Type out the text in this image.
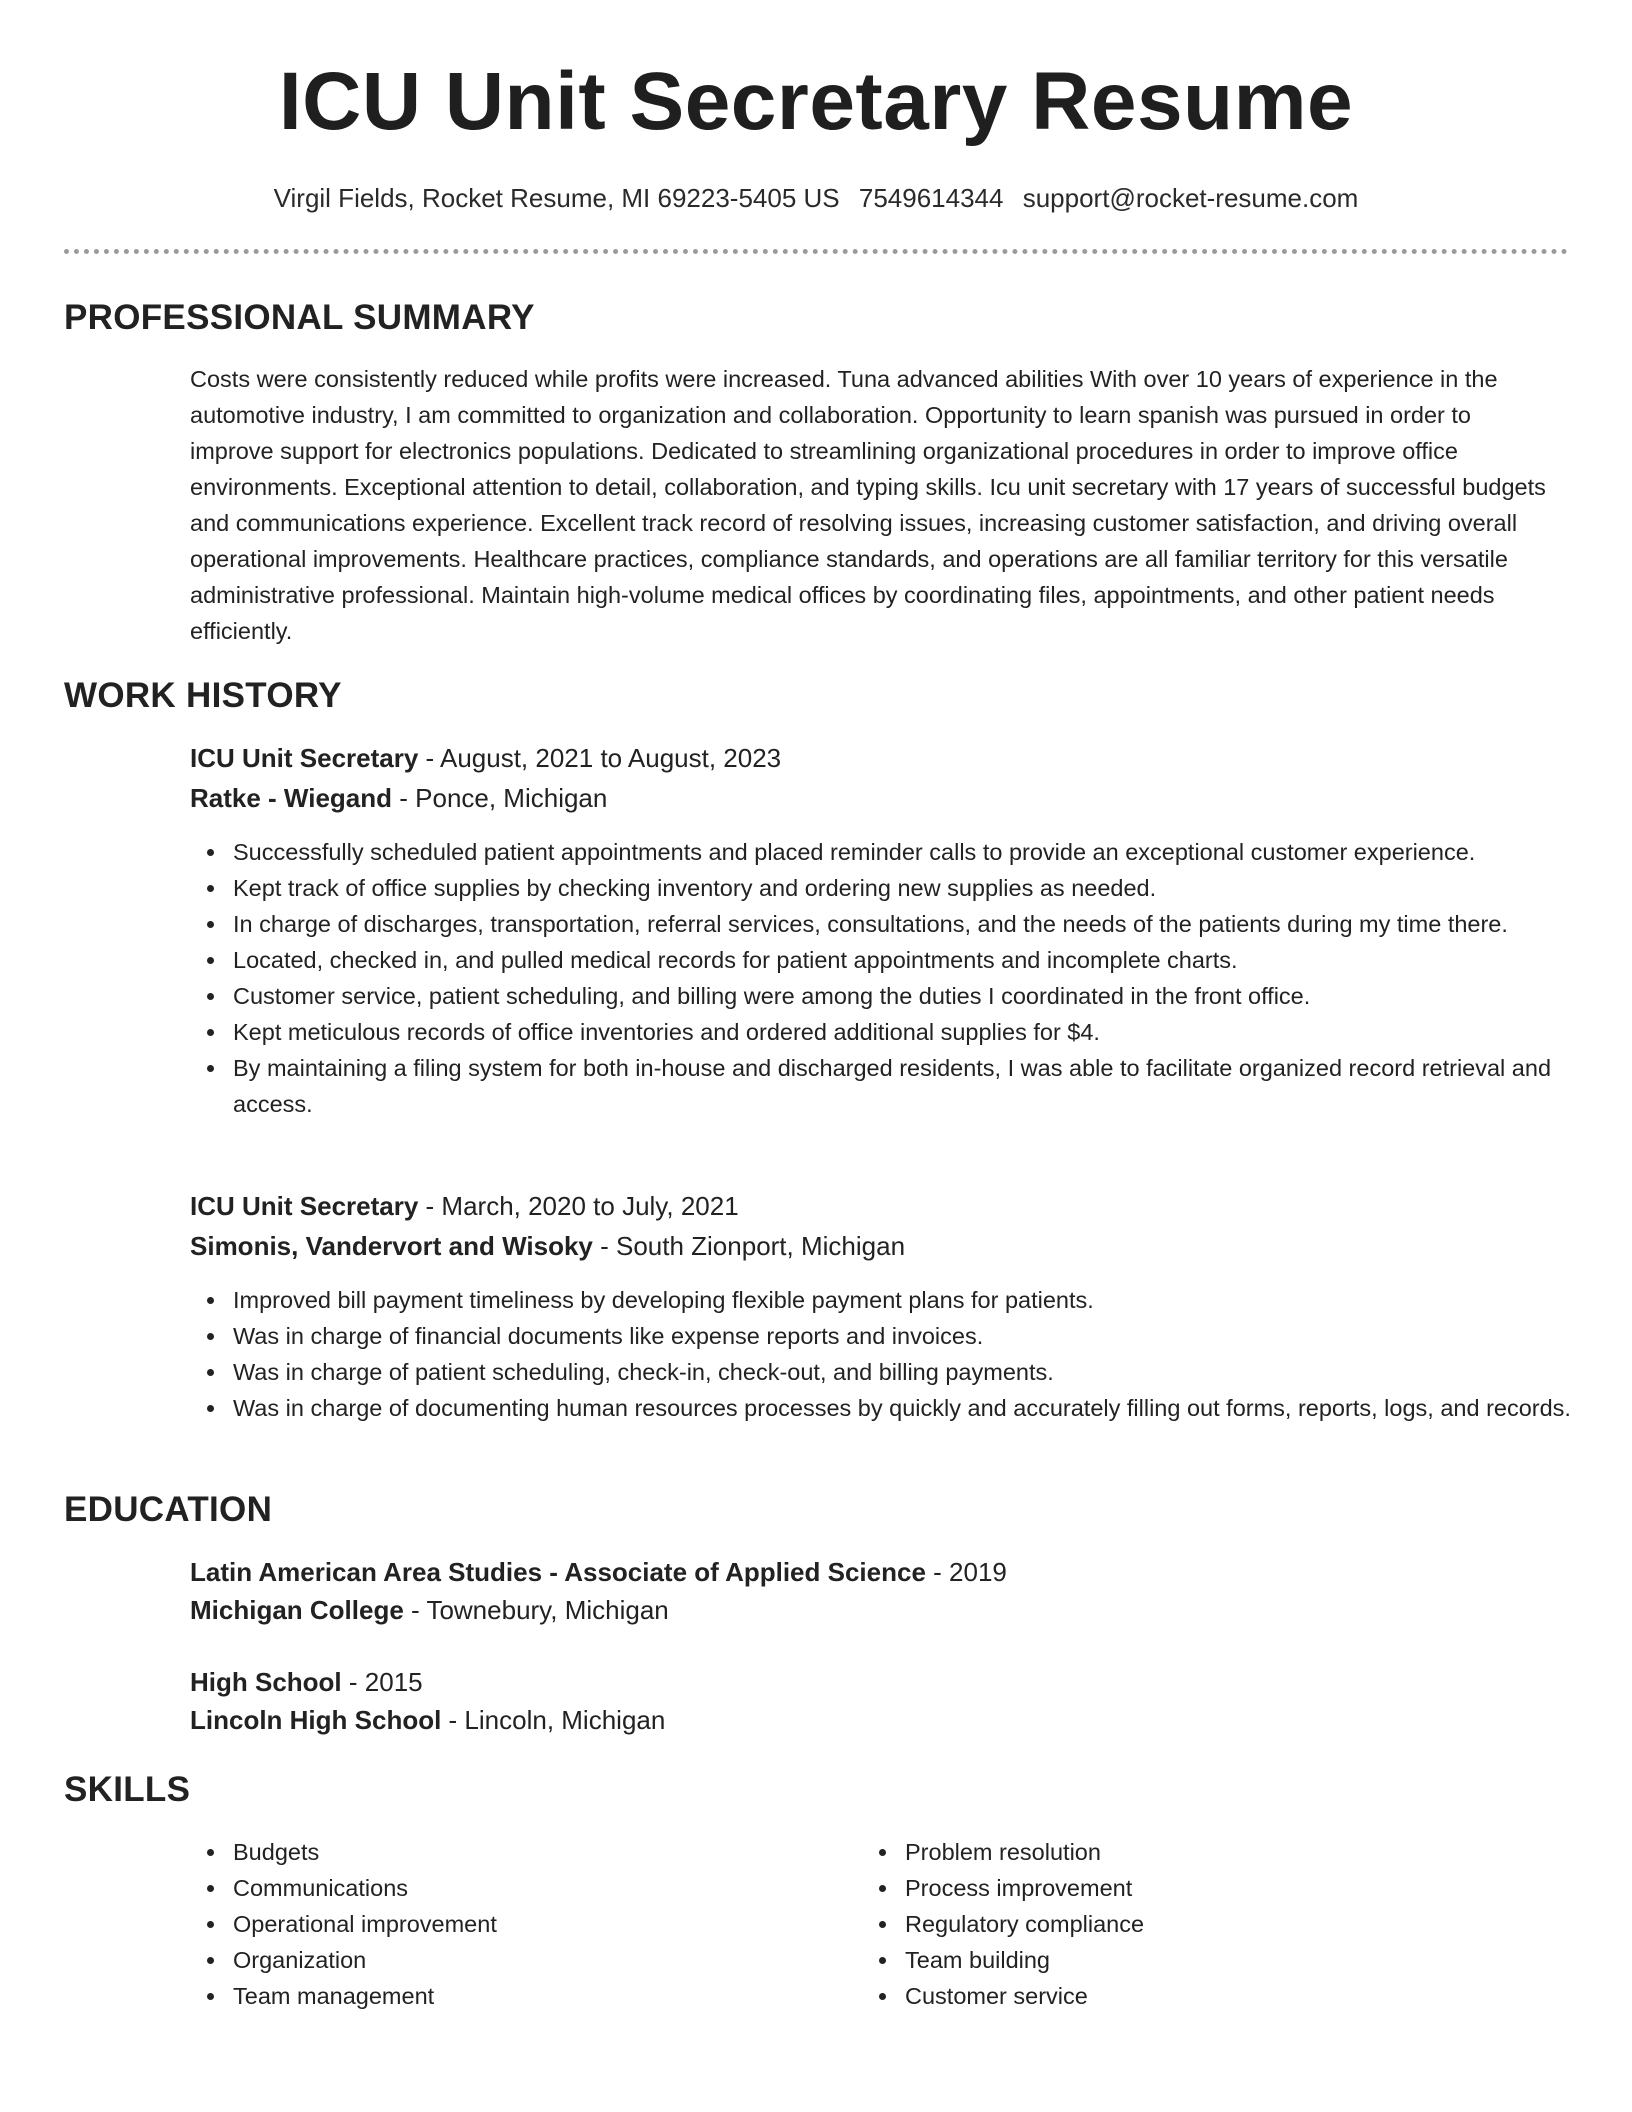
ICU Unit Secretary Resume
Virgil Fields, Rocket Resume, MI 69223-5405 US 7549614344 support@rocket-resume.com
PROFESSIONAL SUMMARY
Costs were consistently reduced while profits were increased. Tuna advanced abilities With over 10 years of experience in the automotive industry, I am committed to organization and collaboration. Opportunity to learn spanish was pursued in order to improve support for electronics populations. Dedicated to streamlining organizational procedures in order to improve office environments. Exceptional attention to detail, collaboration, and typing skills. Icu unit secretary with 17 years of successful budgets and communications experience. Excellent track record of resolving issues, increasing customer satisfaction, and driving overall operational improvements. Healthcare practices, compliance standards, and operations are all familiar territory for this versatile administrative professional. Maintain high-volume medical offices by coordinating files, appointments, and other patient needs efficiently.
WORK HISTORY
ICU Unit Secretary - August, 2021 to August, 2023
Ratke - Wiegand - Ponce, Michigan
Successfully scheduled patient appointments and placed reminder calls to provide an exceptional customer experience.
Kept track of office supplies by checking inventory and ordering new supplies as needed.
In charge of discharges, transportation, referral services, consultations, and the needs of the patients during my time there.
Located, checked in, and pulled medical records for patient appointments and incomplete charts.
Customer service, patient scheduling, and billing were among the duties I coordinated in the front office.
Kept meticulous records of office inventories and ordered additional supplies for $4.
By maintaining a filing system for both in-house and discharged residents, I was able to facilitate organized record retrieval and access.
ICU Unit Secretary - March, 2020 to July, 2021
Simonis, Vandervort and Wisoky - South Zionport, Michigan
Improved bill payment timeliness by developing flexible payment plans for patients.
Was in charge of financial documents like expense reports and invoices.
Was in charge of patient scheduling, check-in, check-out, and billing payments.
Was in charge of documenting human resources processes by quickly and accurately filling out forms, reports, logs, and records.
EDUCATION
Latin American Area Studies - Associate of Applied Science - 2019
Michigan College - Townebury, Michigan
High School - 2015
Lincoln High School - Lincoln, Michigan
SKILLS
Budgets
Communications
Operational improvement
Organization
Team management
Problem resolution
Process improvement
Regulatory compliance
Team building
Customer service
